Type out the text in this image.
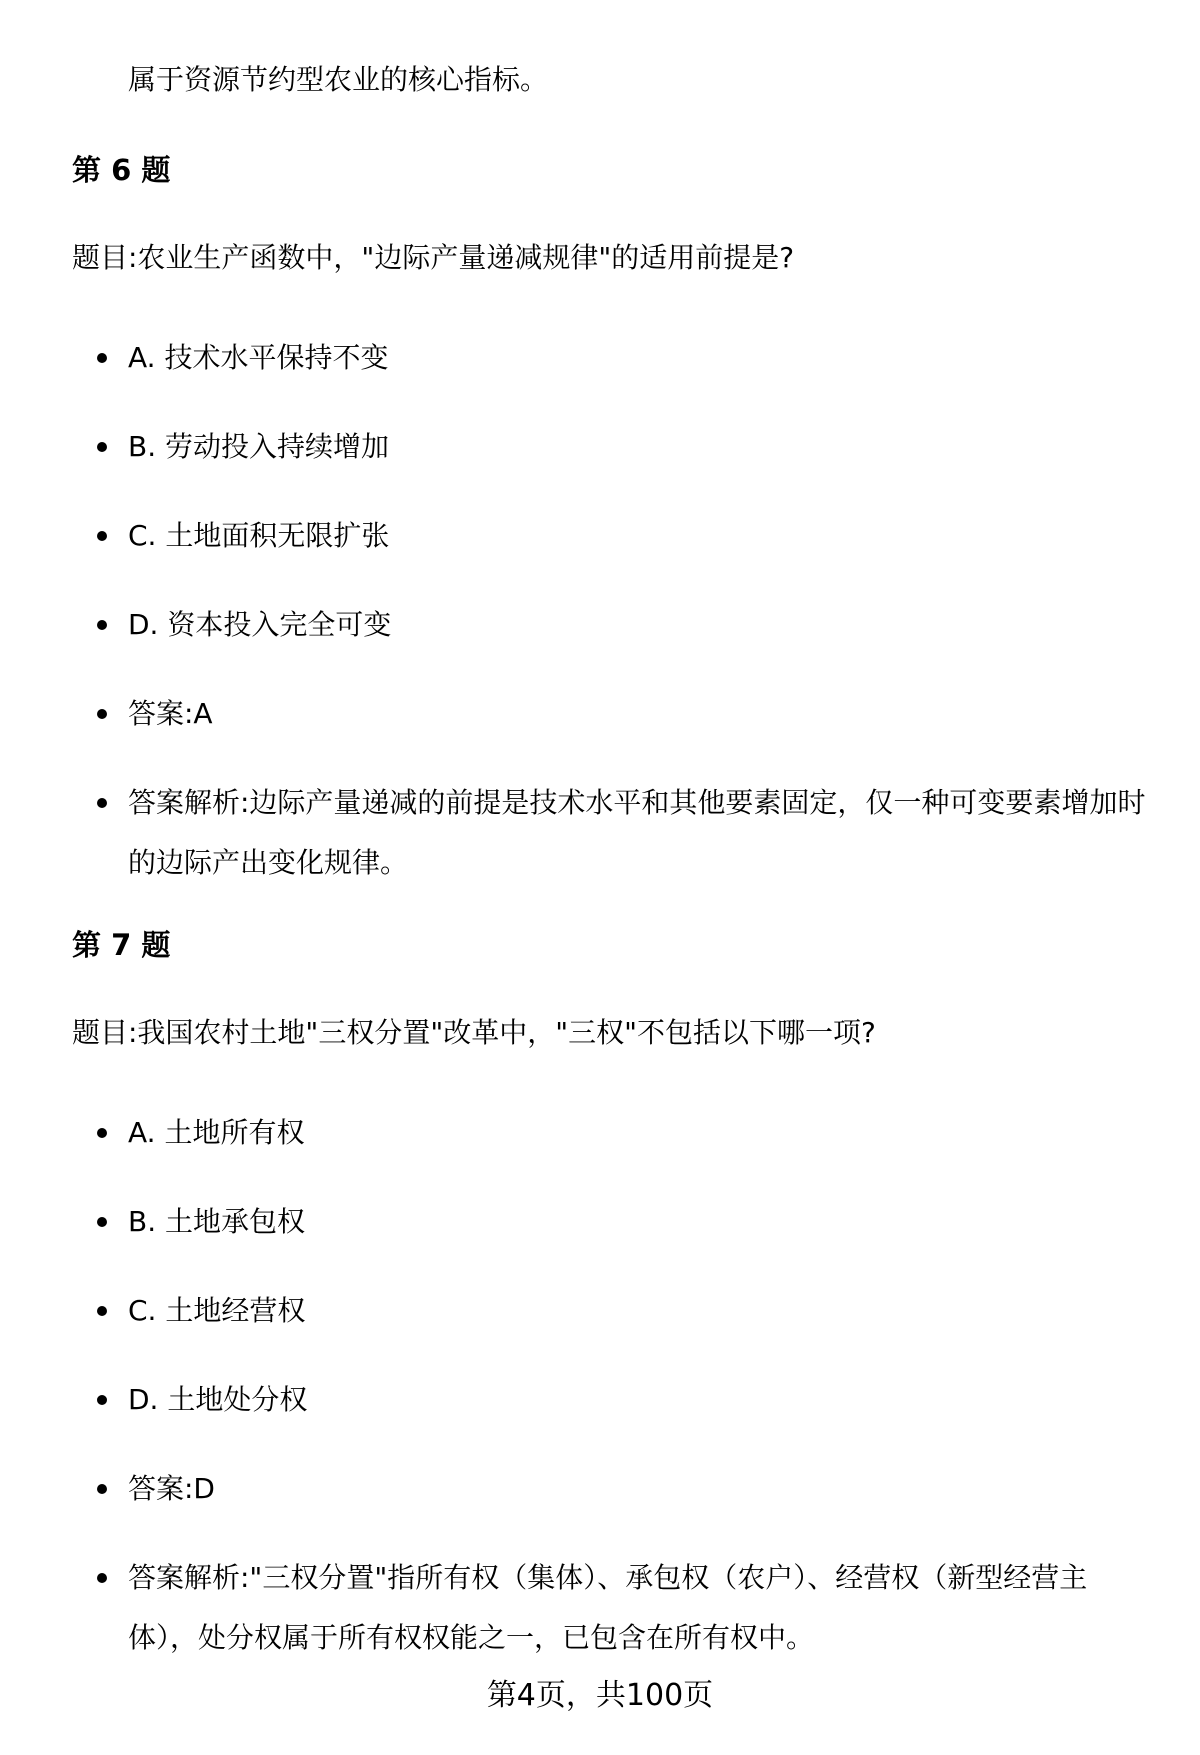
属于资源节约型农业的核心指标。
第 6 题
题目:农业生产函数中，"边际产量递减规律"的适用前提是?
A. 技术水平保持不变
B. 劳动投入持续增加
C. 土地面积无限扩张
D. 资本投入完全可变
答案:A
答案解析:边际产量递减的前提是技术水平和其他要素固定，仅一种可变要素增加时的边际产出变化规律。
第 7 题
题目:我国农村土地"三权分置"改革中，"三权"不包括以下哪一项?
A. 土地所有权
B. 土地承包权
C. 土地经营权
D. 土地处分权
答案:D
答案解析:"三权分置"指所有权（集体）、承包权（农户）、经营权（新型经营主体），处分权属于所有权权能之一，已包含在所有权中。
第4页，共100页
